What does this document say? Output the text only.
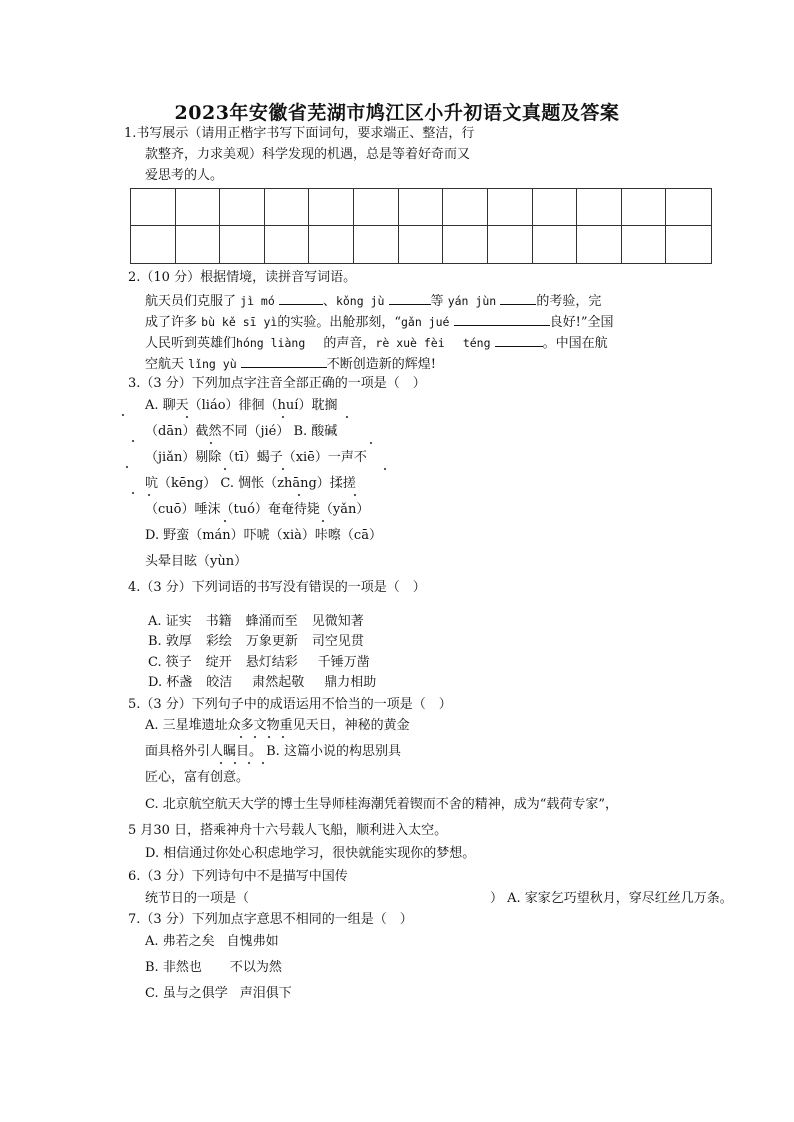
2023年安徽省芜湖市鸠江区小升初语文真题及答案
1.书写展示（请用正楷字书写下面词句，要求端正、整洁，行
款整齐，力求美观）科学发现的机遇，总是等着好奇而又
爱思考的人。
2.（10 分）根据情境，读拼音写词语。
航天员们克服了 jì mó	、kǒng jù	等 yán jùn	的考验，完
成了许多 bù kě sī yì的实验。出舱那刻，“gǎn jué	良好!”全国
人民听到英雄们hóng liàng 的声音，rè xuè fèi téng	。中国在航
空航天 lǐng yù	不断创造新的辉煌!
3.（3 分）下列加点字注音全部正确的一项是（　）
A. 聊天（liáo）徘徊（huí）耽搁
（dān）截然不同（jié） B. 酸碱
（jiǎn）剔除（tī）蝎子（xiē）一声不
吭（kēng） C. 惆怅（zhāng）揉搓
（cuō）唾沫（tuó）奄奄待毙（yǎn）
D. 野蛮（mán）吓唬（xià）咔嚓（cā）
头晕目眩（yùn）
4.（3 分）下列词语的书写没有错误的一项是（　）
A. 证实 书籍 蜂涌而至 见微知著
B. 敦厚 彩绘 万象更新 司空见贯
C. 筷子 绽开 悬灯结彩 千锤万凿
D. 杯盏 皎洁 肃然起敬 鼎力相助
5.（3 分）下列句子中的成语运用不恰当的一项是（　）
A. 三星堆遗址众多文物重见天日，神秘的黄金
面具格外引人瞩目。 B. 这篇小说的构思别具
匠心，富有创意。
C. 北京航空航天大学的博士生导师桂海潮凭着锲而不舍的精神，成为“载荷专家”，
5 月30 日，搭乘神舟十六号载人飞船，顺利进入太空。
D. 相信通过你处心积虑地学习，很快就能实现你的梦想。
6.（3 分）下列诗句中不是描写中国传
统节日的一项是（	） A. 家家乞巧望秋月，穿尽红丝几万条。
7.（3 分）下列加点字意思不相同的一组是（　）
A. 弗若之矣 自愧弗如
B. 非然也 不以为然
C. 虽与之俱学 声泪俱下
